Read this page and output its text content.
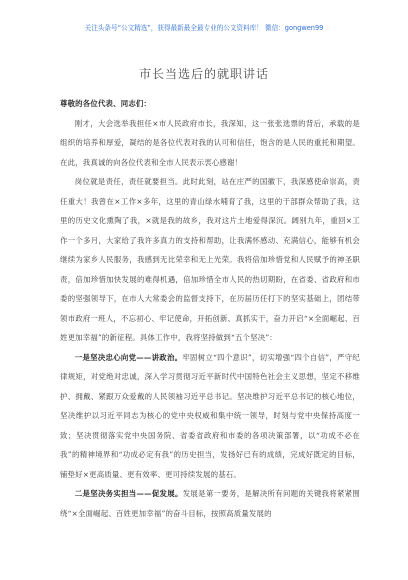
关注头条号“公文精选”，获得最新最全最专业的公文资料库！ 微信：gongwen99
市长当选后的就职讲话

尊敬的各位代表、同志们：

刚才，大会选举我担任×市人民政府市长，我深知，这一张张选票的背后，承载的是组织的培养和厚爱，凝结的是各位代表对我的认可和信任，饱含的是人民的重托和期望。在此，我真诚的向各位代表和全市人民表示衷心感谢！

岗位就是责任，责任就要担当。此时此刻，站在庄严的国徽下，我深感使命崇高，责任重大！我曾在×工作×多年，这里的青山绿水哺育了我，这里的干部群众帮助了我，这里的历史文化熏陶了我，×就是我的故乡，我对这片土地爱得深沉。阔别九年，重回×工作一个多月，大家给了我许多真力的支持和帮助，让我满怀感动、充满信心，能够有机会继续为家乡人民服务，我感到无比荣幸和无上光荣。我将倍加珍惜党和人民赋予的神圣职责，倍加珍惜加快发展的难得机遇，倍加珍惜全市人民的热切期盼，在省委、省政府和市委的坚强领导下，在市人大常委会的监督支持下，在历届历任打下的坚实基础上，团结带领市政府一班人，不忘初心、牢记使命，开拓创新、真抓实干，奋力开启“×全面崛起、百姓更加幸福”的新征程。具体工作中，我将坚持做到“五个坚决”：

一是坚决忠心向党——讲政治。牢固树立“四个意识”，切实增强“四个自信”，严守纪律规矩，对党绝对忠诚，深入学习贯彻习近平新时代中国特色社会主义思想，坚定不移维护、拥戴、紧跟万众爱戴的人民领袖习近平总书记。坚决维护习近平总书记的核心地位，坚决维护以习近平同志为核心的党中央权威和集中统一领导，时刻与党中央保持高度一致；坚决贯彻落实党中央国务院、省委省政府和市委的各项决策部署，以“功成不必在我”的精神境界和“功成必定有我”的历史担当，发扬好已有的成绩，完成好既定的目标，铺垫好×更高质量、更有效率、更可持续发展的基石。

二是坚决务实担当——促发展。发展是第一要务，是解决所有问题的关键我将紧紧围绕“×全面崛起、百姓更加幸福”的奋斗目标，按照高质量发展的
